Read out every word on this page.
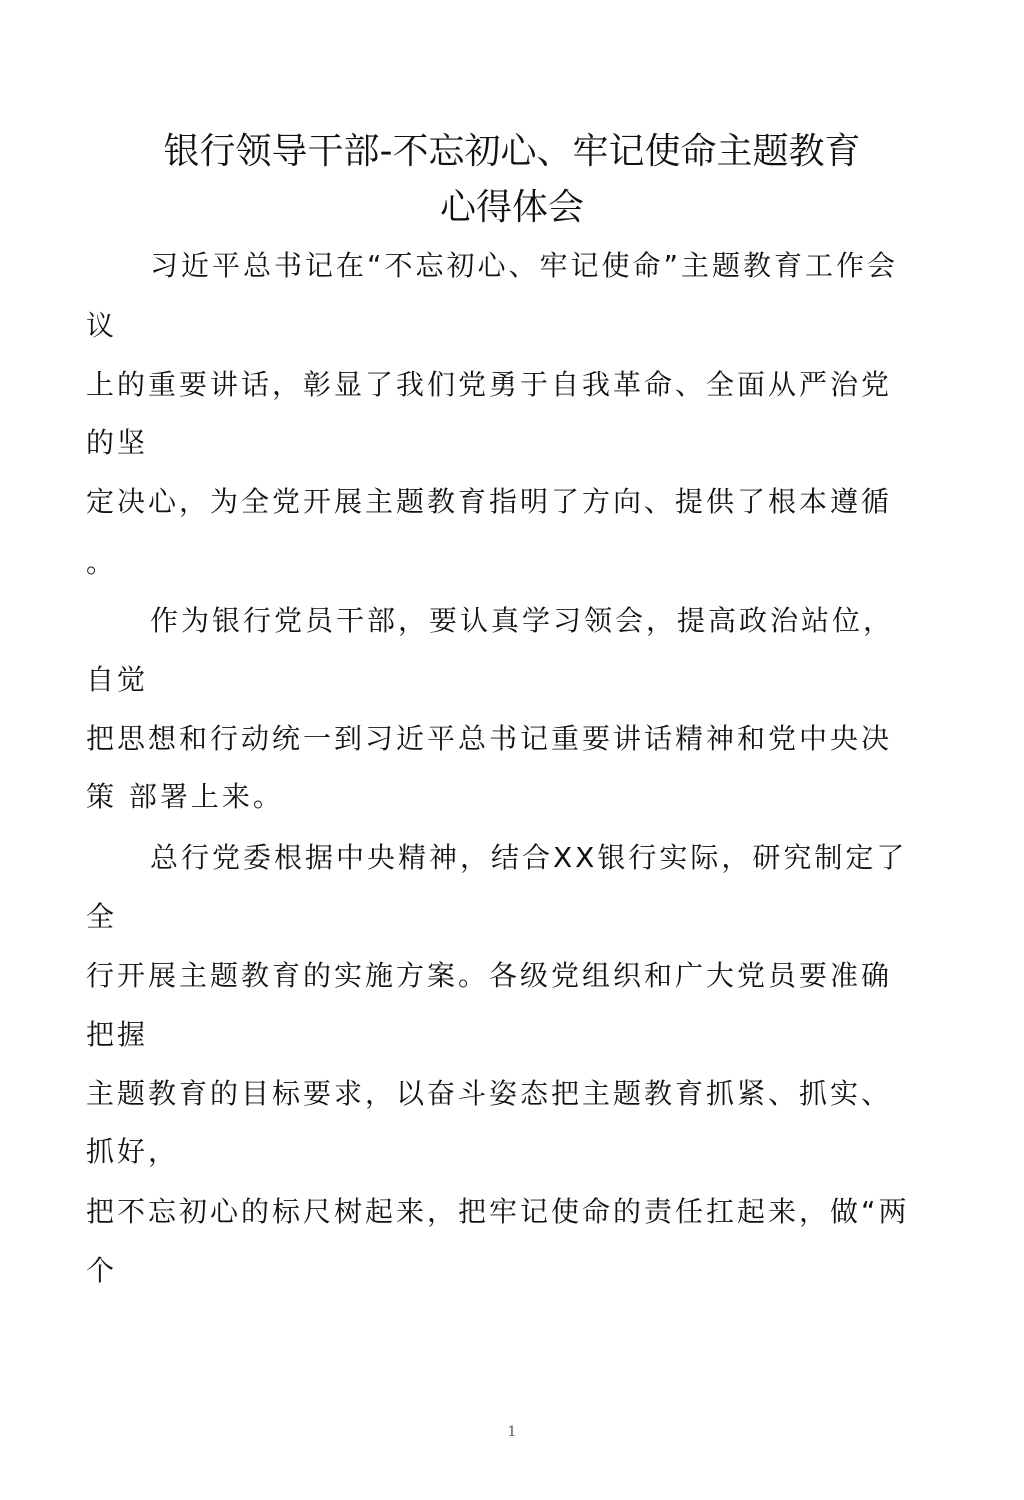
银行领导干部-不忘初心、牢记使命主题教育
心得体会
习近平总书记在“不忘初心、牢记使命”主题教育工作会
议
上的重要讲话，彰显了我们党勇于自我革命、全面从严治党
的坚
定决心，为全党开展主题教育指明了方向、提供了根本遵循
。
作为银行党员干部，要认真学习领会，提高政治站位，
自觉
把思想和行动统一到习近平总书记重要讲话精神和党中央决
策 部署上来。
总行党委根据中央精神，结合XX银行实际，研究制定了
全
行开展主题教育的实施方案。各级党组织和广大党员要准确
把握
主题教育的目标要求，以奋斗姿态把主题教育抓紧、抓实、
抓好，
把不忘初心的标尺树起来，把牢记使命的责任扛起来，做“两
个
1
